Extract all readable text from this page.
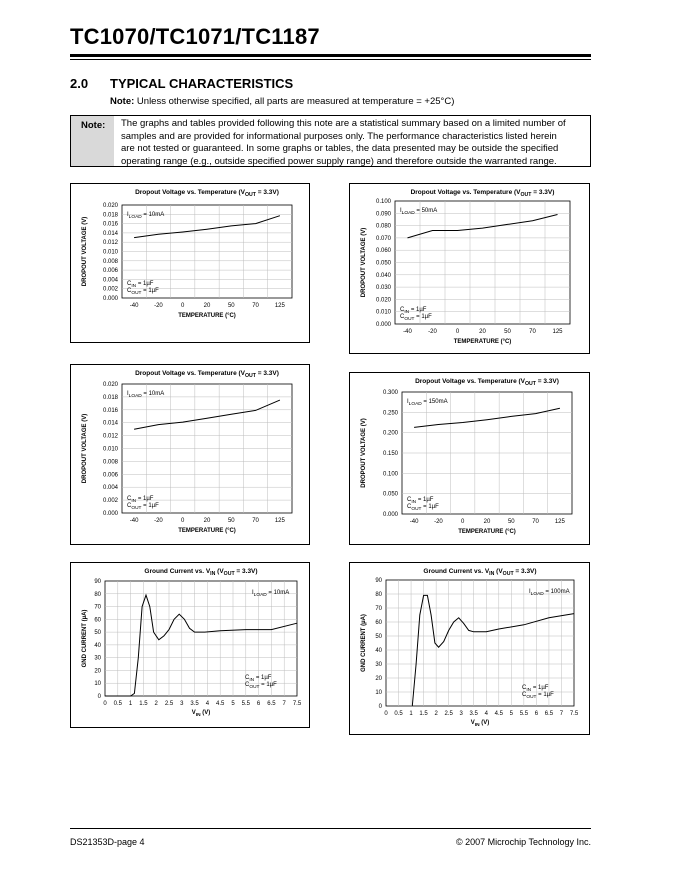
TC1070/TC1071/TC1187
2.0 TYPICAL CHARACTERISTICS
Note: Unless otherwise specified, all parts are measured at temperature = +25°C)
Note:	The graphs and tables provided following this note are a statistical summary based on a limited number of
samples and are provided for informational purposes only. The performance characteristics listed herein
are not tested or guaranteed. In some graphs or tables, the data presented may be outside the specified
operating range (e.g., outside specified power supply range) and therefore outside the warranted range.
Dropout Voltage vs. Temperature $(V_{OUT} = 3.3V)$
0.020
0.018
0.016
0.014
0.012
0.010
0.008
0.006
0.004
0.002
0.000
-40	-20	0	20	50	70	125
TEMPERATURE (°C)
DROPOUT VOLTAGE (V)
$I_{LOAD} = 10mA$
$C_{IN} = 1\mu F$
$C_{OUT} = 1\mu F$
Dropout Voltage vs. Temperature $(V_{OUT} = 3.3V)$
0.100
0.090
0.080
0.070
0.060
0.050
0.040
0.030
0.020
0.010
0.000
-40	-20	0	20	50	70	125
TEMPERATURE (°C)
DROPOUT VOLTAGE (V)
$I_{LOAD} = 50mA$
$C_{IN} = 1\mu F$
$C_{OUT} = 1\mu F$
Dropout Voltage vs. Temperature $(V_{OUT} = 3.3V)$
0.020
0.018
0.016
0.014
0.012
0.010
0.008
0.006
0.004
0.002
0.000
-40	-20	0	20	50	70	125
TEMPERATURE (°C)
DROPOUT VOLTAGE (V)
$I_{LOAD} = 10mA$
$C_{IN} = 1\mu F$
$C_{OUT} = 1\mu F$
Dropout Voltage vs. Temperature $(V_{OUT} = 3.3V)$
0.300
0.250
0.200
0.150
0.100
0.050
0.000
-40	-20	0	20	50	70	125
TEMPERATURE (°C)
DROPOUT VOLTAGE (V)
$I_{LOAD} = 150mA$
$C_{IN} = 1\mu F$
$C_{OUT} = 1\mu F$
Ground Current vs. $V_{IN}$ $(V_{OUT} = 3.3V)$
90
80
70
60
50
40
30
20
10
0
0 0.5 1 1.5 2 2.5 3 3.5 4 4.5 5 5.5 6 6.5 7 7.5
$V_{IN}$ (V)
GND CURRENT (µA)
$I_{LOAD} = 10mA$
$C_{IN} = 1\mu F$
$C_{OUT} = 1\mu F$
Ground Current vs. $V_{IN}$ $(V_{OUT} = 3.3V)$
90
80
70
60
50
40
30
20
10
0
0 0.5 1 1.5 2 2.5 3 3.5 4 4.5 5 5.5 6 6.5 7 7.5
$V_{IN}$ (V)
GND CURRENT (µA)
$I_{LOAD} = 100mA$
$C_{IN} = 1\mu F$
$C_{OUT} = 1\mu F$
DS21353D-page 4	© 2007 Microchip Technology Inc.
